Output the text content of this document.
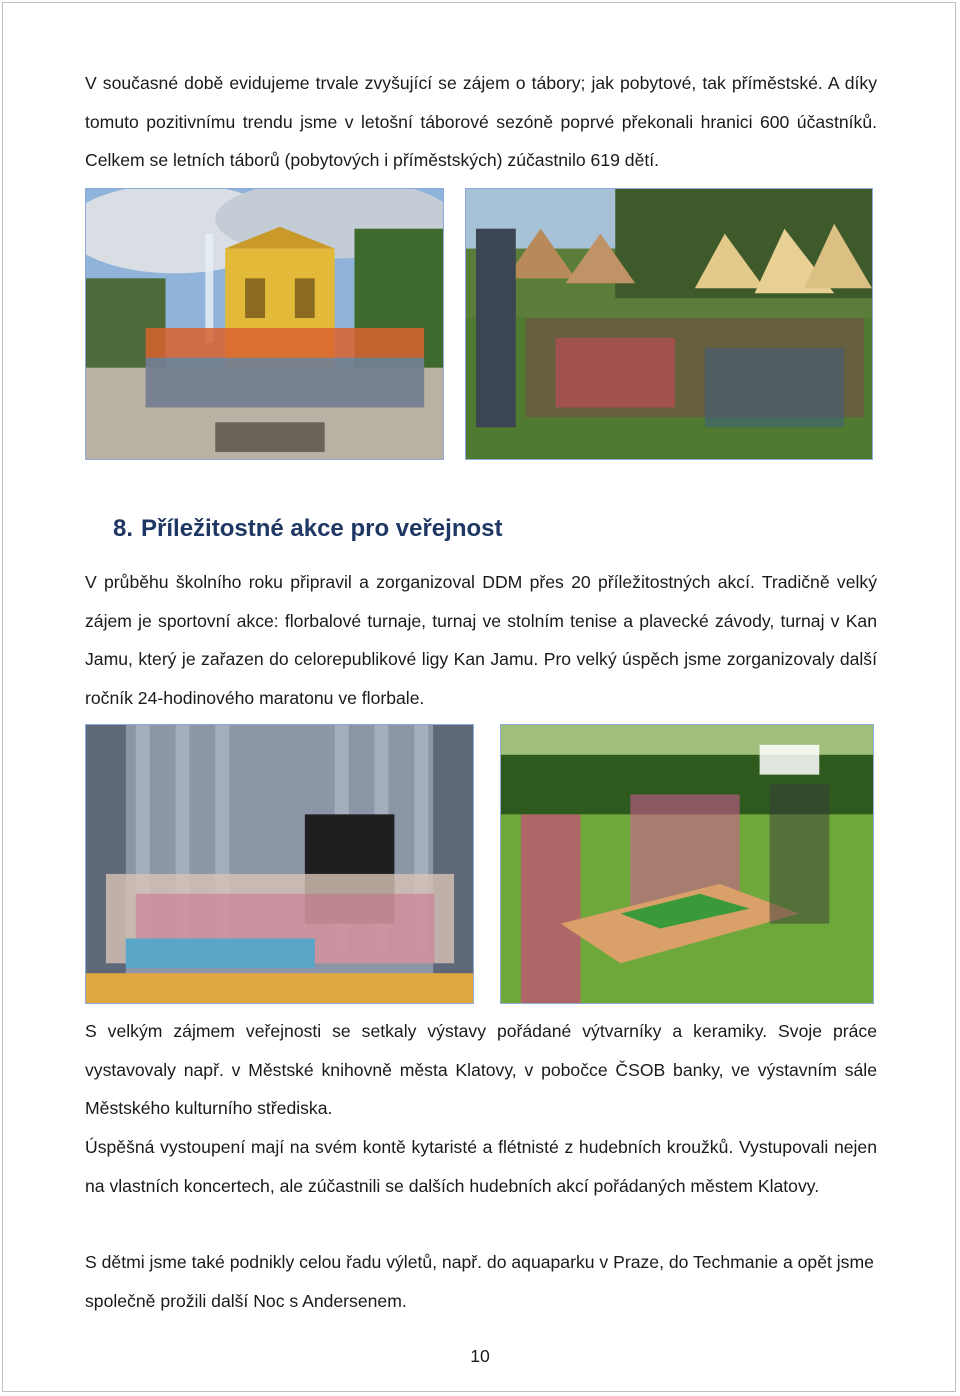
V současné době evidujeme trvale zvyšující se zájem o tábory; jak pobytové, tak příměstské. A díky tomuto pozitivnímu trendu jsme v letošní táborové sezóně poprvé překonali hranici 600 účastníků. Celkem se letních táborů (pobytových i příměstských) zúčastnilo 619 dětí.

8. Příležitostné akce pro veřejnost

V průběhu školního roku připravil a zorganizoval DDM přes 20 příležitostných akcí. Tradičně velký zájem je sportovní akce: florbalové turnaje, turnaj ve stolním tenise a plavecké závody, turnaj v Kan Jamu, který je zařazen do celorepublikové ligy Kan Jamu. Pro velký úspěch jsme zorganizovaly další ročník 24-hodinového maratonu ve florbale.

S velkým zájmem veřejnosti se setkaly výstavy pořádané výtvarníky a keramiky. Svoje práce vystavovaly např. v Městské knihovně města Klatovy, v pobočce ČSOB banky, ve výstavním sále Městského kulturního střediska.

Úspěšná vystoupení mají na svém kontě kytaristé a flétnisté z hudebních kroužků. Vystupovali nejen na vlastních koncertech, ale zúčastnili se dalších hudebních akcí pořádaných městem Klatovy.

S dětmi jsme také podnikly celou řadu výletů, např. do aquaparku v Praze, do Techmanie a opět jsme společně prožili další Noc s Andersenem.

10
